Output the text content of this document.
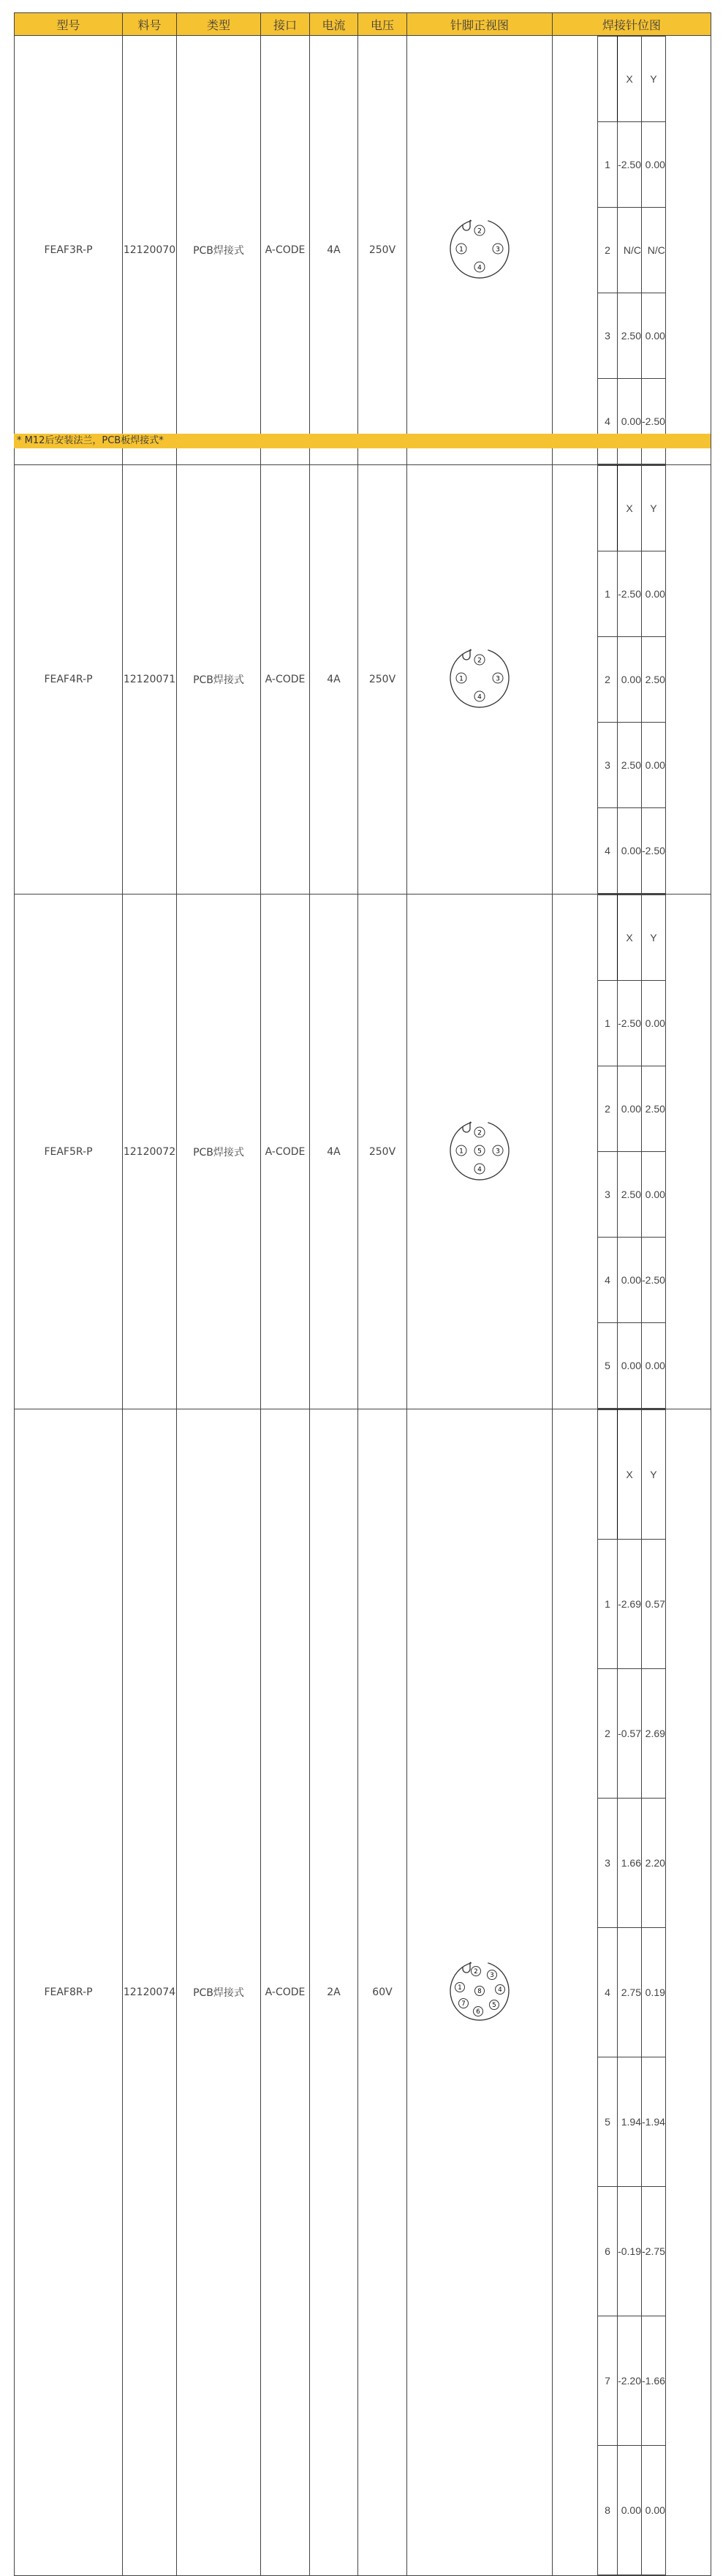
型号	料号	类型	接口	电流	电压	针脚正视图	焊接针位图
FEAF3R-P	12120070	PCB焊接式	A-CODE	4A	250V	1
2
3
4

	X	Y
1	-2.50	0.00
2	N/C	N/C
3	2.50	0.00
4	0.00	-2.50

FEAF4R-P	12120071	PCB焊接式	A-CODE	4A	250V	1
2
3
4

	X	Y
1	-2.50	0.00
2	0.00	2.50
3	2.50	0.00
4	0.00	-2.50

FEAF5R-P	12120072	PCB焊接式	A-CODE	4A	250V	1
2
3
4
5

	X	Y
1	-2.50	0.00
2	0.00	2.50
3	2.50	0.00
4	0.00	-2.50
5	0.00	0.00

FEAF8R-P	12120074	PCB焊接式	A-CODE	2A	60V	1
2 3
4
5
6
7
8

	X	Y
1	-2.69	0.57
2	-0.57	2.69
3	1.66	2.20
4	2.75	0.19
5	1.94	-1.94
6	-0.19	-2.75
7	-2.20	-1.66
8	0.00	0.00
* M12后安装法兰，PCB板焊接式*
